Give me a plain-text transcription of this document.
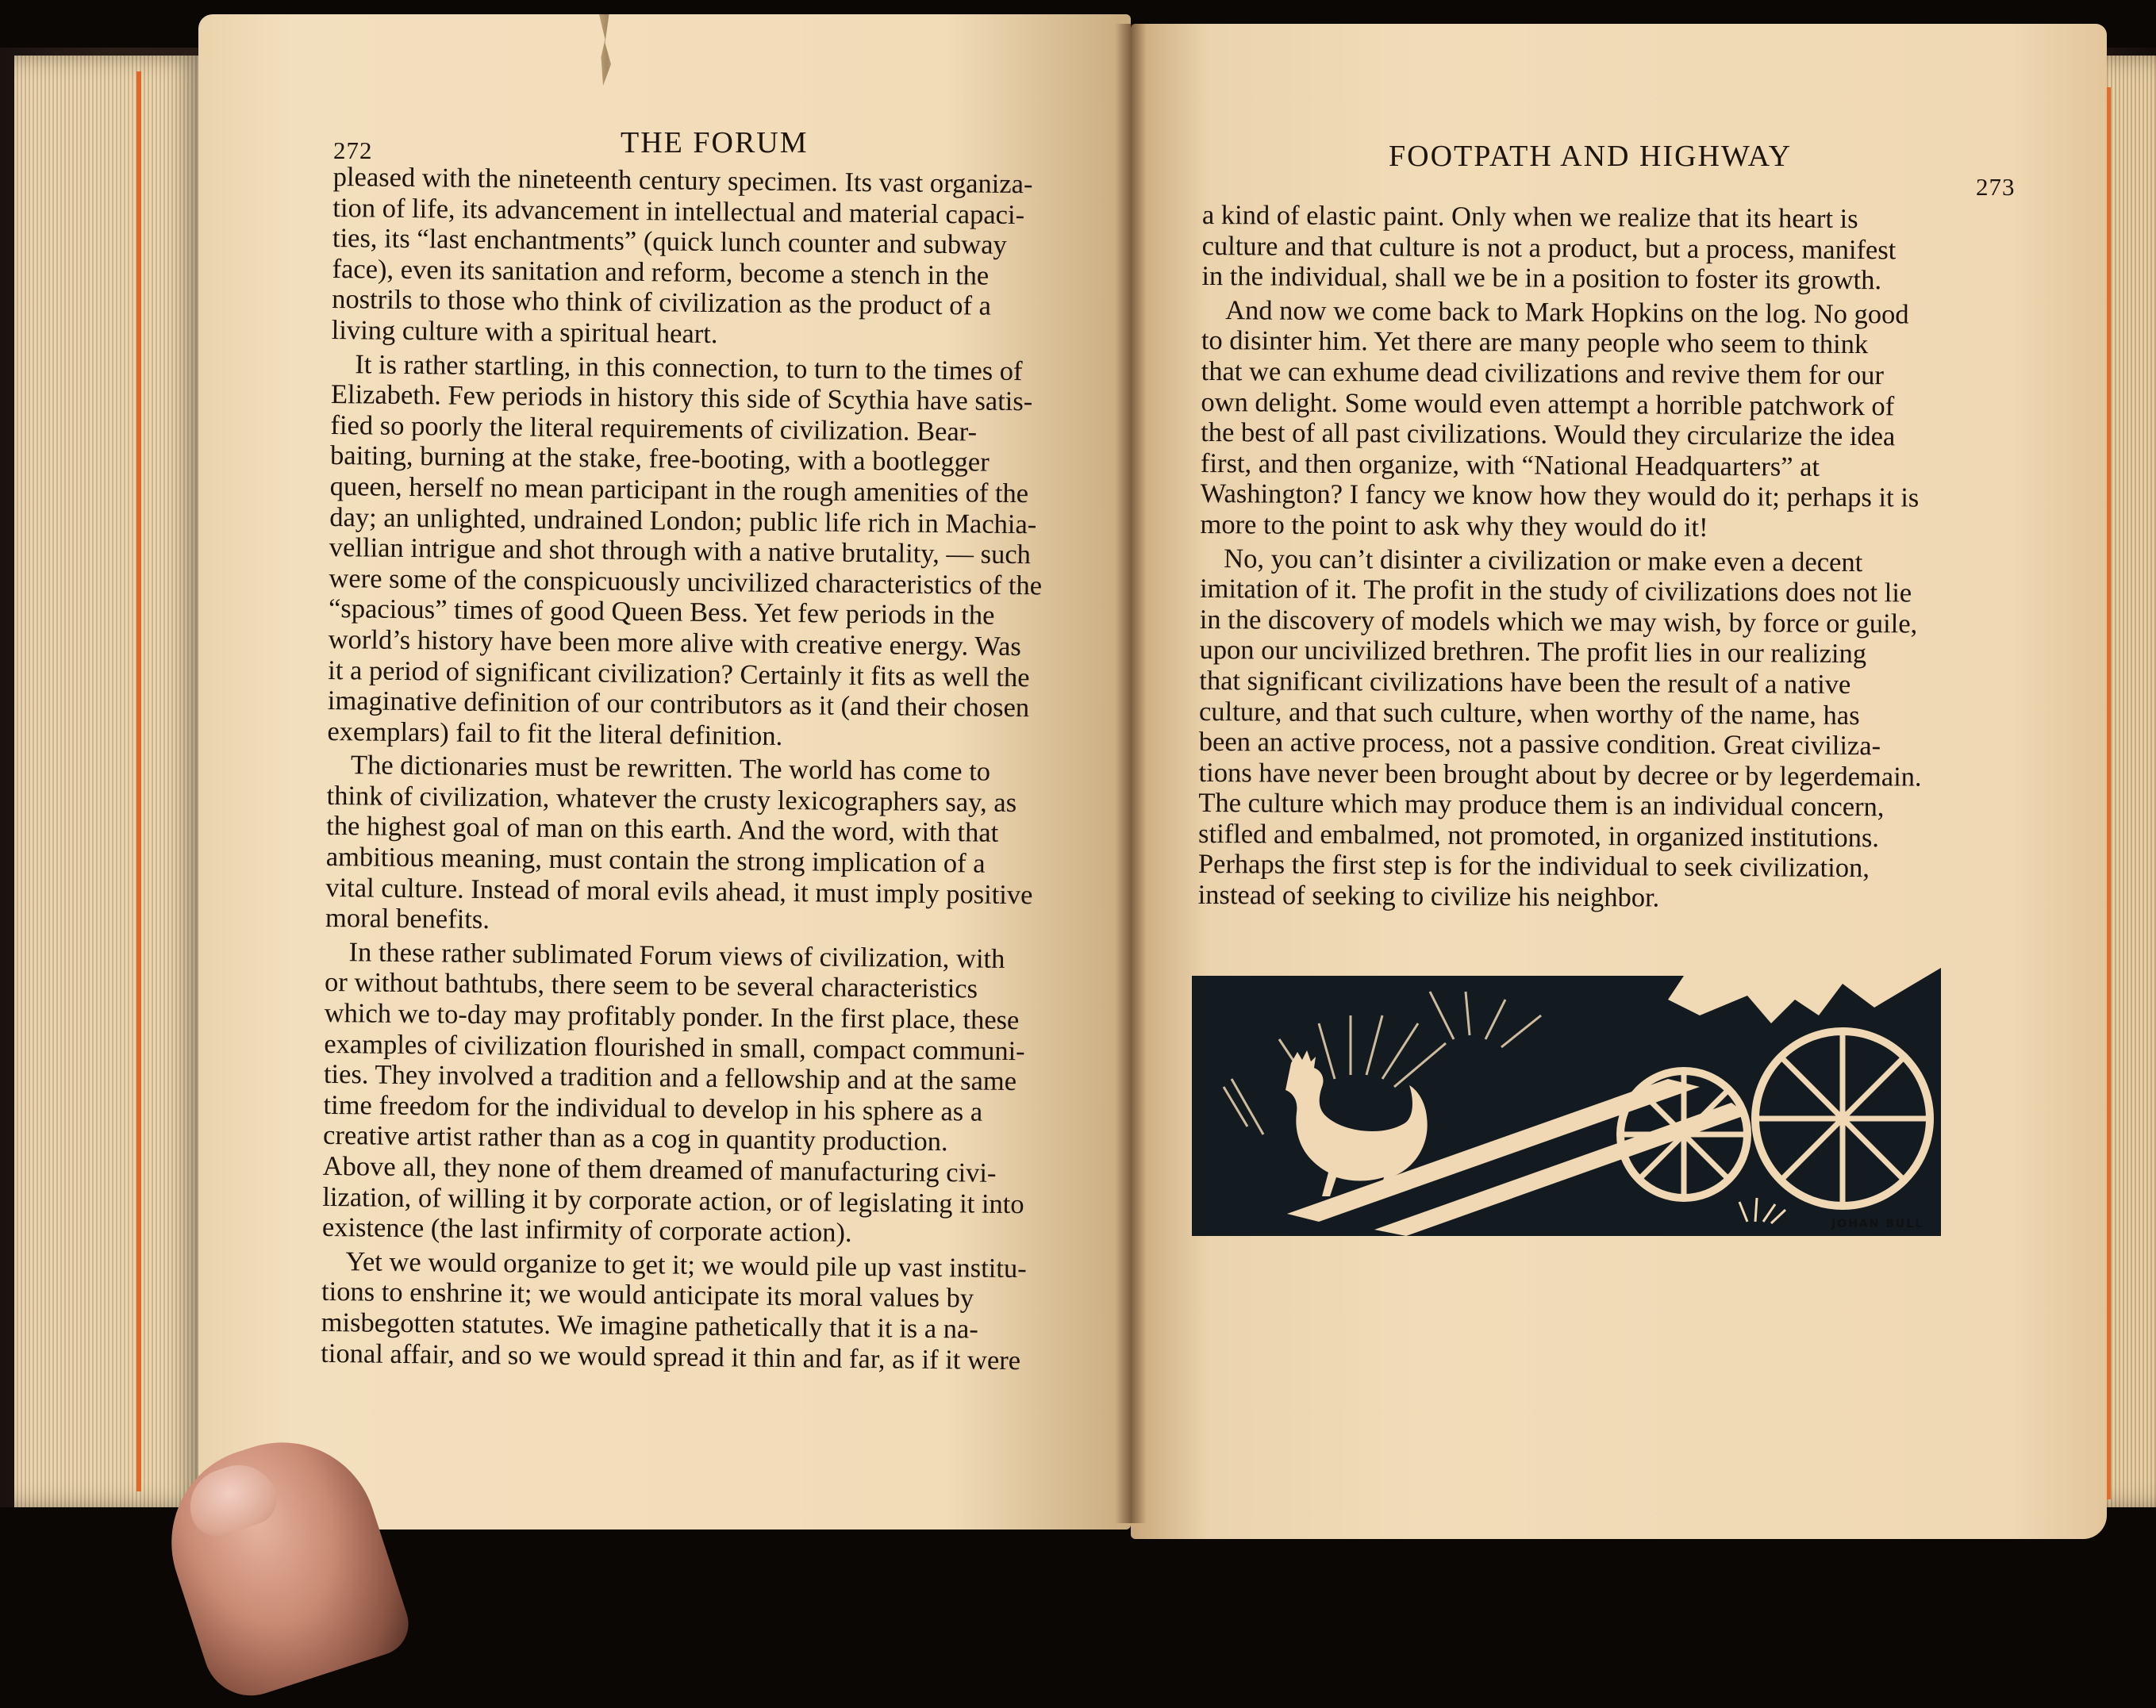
272	THE FORUM
pleased with the nineteenth century specimen. Its vast organiza-
tion of life, its advancement in intellectual and material capaci-
ties, its “last enchantments” (quick lunch counter and subway
face), even its sanitation and reform, become a stench in the
nostrils to those who think of civilization as the product of a
living culture with a spiritual heart.
It is rather startling, in this connection, to turn to the times of
Elizabeth. Few periods in history this side of Scythia have satis-
fied so poorly the literal requirements of civilization. Bear-
baiting, burning at the stake, free-booting, with a bootlegger
queen, herself no mean participant in the rough amenities of the
day; an unlighted, undrained London; public life rich in Machia-
vellian intrigue and shot through with a native brutality, — such
were some of the conspicuously uncivilized characteristics of the
“spacious” times of good Queen Bess. Yet few periods in the
world’s history have been more alive with creative energy. Was
it a period of significant civilization? Certainly it fits as well the
imaginative definition of our contributors as it (and their chosen
exemplars) fail to fit the literal definition.
The dictionaries must be rewritten. The world has come to
think of civilization, whatever the crusty lexicographers say, as
the highest goal of man on this earth. And the word, with that
ambitious meaning, must contain the strong implication of a
vital culture. Instead of moral evils ahead, it must imply positive
moral benefits.
In these rather sublimated Forum views of civilization, with
or without bathtubs, there seem to be several characteristics
which we to-day may profitably ponder. In the first place, these
examples of civilization flourished in small, compact communi-
ties. They involved a tradition and a fellowship and at the same
time freedom for the individual to develop in his sphere as a
creative artist rather than as a cog in quantity production.
Above all, they none of them dreamed of manufacturing civi-
lization, of willing it by corporate action, or of legislating it into
existence (the last infirmity of corporate action).
Yet we would organize to get it; we would pile up vast institu-
tions to enshrine it; we would anticipate its moral values by
misbegotten statutes. We imagine pathetically that it is a na-
tional affair, and so we would spread it thin and far, as if it were
FOOTPATH AND HIGHWAY
273
a kind of elastic paint. Only when we realize that its heart is
culture and that culture is not a product, but a process, manifest
in the individual, shall we be in a position to foster its growth.
And now we come back to Mark Hopkins on the log. No good
to disinter him. Yet there are many people who seem to think
that we can exhume dead civilizations and revive them for our
own delight. Some would even attempt a horrible patchwork of
the best of all past civilizations. Would they circularize the idea
first, and then organize, with “National Headquarters” at
Washington? I fancy we know how they would do it; perhaps it is
more to the point to ask why they would do it!
No, you can’t disinter a civilization or make even a decent
imitation of it. The profit in the study of civilizations does not lie
in the discovery of models which we may wish, by force or guile,
upon our uncivilized brethren. The profit lies in our realizing
that significant civilizations have been the result of a native
culture, and that such culture, when worthy of the name, has
been an active process, not a passive condition. Great civiliza-
tions have never been brought about by decree or by legerdemain.
The culture which may produce them is an individual concern,
stifled and embalmed, not promoted, in organized institutions.
Perhaps the first step is for the individual to seek civilization,
instead of seeking to civilize his neighbor.
JOHAN BULL
